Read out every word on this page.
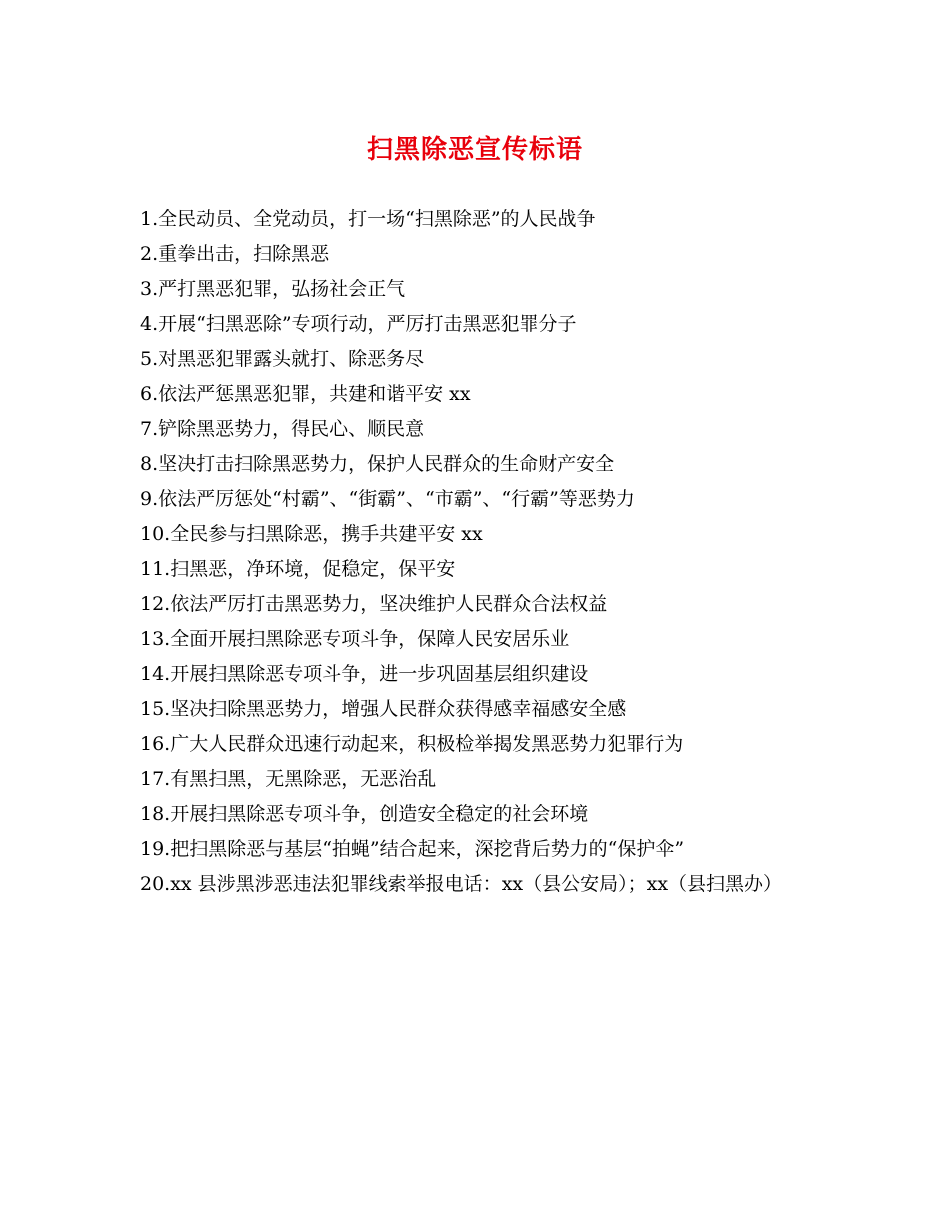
扫黑除恶宣传标语
1.全民动员、全党动员，打一场“扫黑除恶”的人民战争
2.重拳出击，扫除黑恶
3.严打黑恶犯罪，弘扬社会正气
4.开展“扫黑恶除”专项行动，严厉打击黑恶犯罪分子
5.对黑恶犯罪露头就打、除恶务尽
6.依法严惩黑恶犯罪，共建和谐平安 xx
7.铲除黑恶势力，得民心、顺民意
8.坚决打击扫除黑恶势力，保护人民群众的生命财产安全
9.依法严厉惩处“村霸”、“街霸”、“市霸”、“行霸”等恶势力
10.全民参与扫黑除恶，携手共建平安 xx
11.扫黑恶，净环境，促稳定，保平安
12.依法严厉打击黑恶势力，坚决维护人民群众合法权益
13.全面开展扫黑除恶专项斗争，保障人民安居乐业
14.开展扫黑除恶专项斗争，进一步巩固基层组织建设
15.坚决扫除黑恶势力，增强人民群众获得感幸福感安全感
16.广大人民群众迅速行动起来，积极检举揭发黑恶势力犯罪行为
17.有黑扫黑，无黑除恶，无恶治乱
18.开展扫黑除恶专项斗争，创造安全稳定的社会环境
19.把扫黑除恶与基层“拍蝇”结合起来，深挖背后势力的“保护伞”
20.xx 县涉黑涉恶违法犯罪线索举报电话：xx（县公安局）；xx（县扫黑办）
